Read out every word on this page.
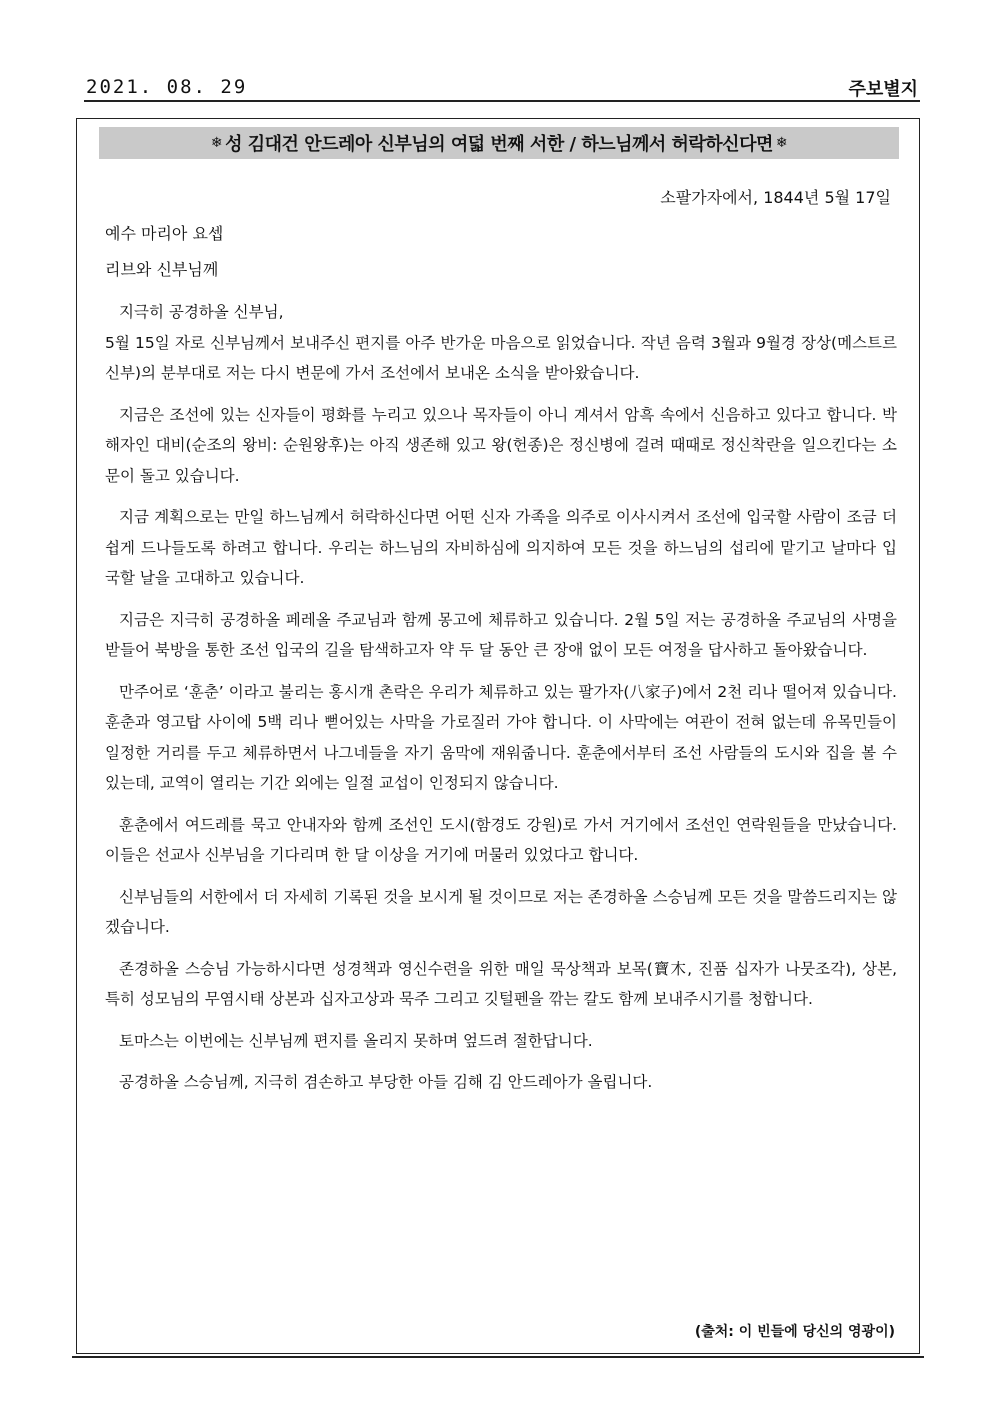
2021. 08. 29	주보별지
❄ 성 김대건 안드레아 신부님의 여덟 번째 서한 / 하느님께서 허락하신다면 ❄
소팔가자에서, 1844년 5월 17일
예수 마리아 요셉
리브와 신부님께

지극히 공경하올 신부님,

5월 15일 자로 신부님께서 보내주신 편지를 아주 반가운 마음으로 읽었습니다. 작년 음력 3월과 9월경 장상(메스트르 신부)의 분부대로 저는 다시 변문에 가서 조선에서 보내온 소식을 받아왔습니다.

지금은 조선에 있는 신자들이 평화를 누리고 있으나 목자들이 아니 계셔서 암흑 속에서 신음하고 있다고 합니다. 박해자인 대비(순조의 왕비: 순원왕후)는 아직 생존해 있고 왕(헌종)은 정신병에 걸려 때때로 정신착란을 일으킨다는 소문이 돌고 있습니다.

지금 계획으로는 만일 하느님께서 허락하신다면 어떤 신자 가족을 의주로 이사시켜서 조선에 입국할 사람이 조금 더 쉽게 드나들도록 하려고 합니다. 우리는 하느님의 자비하심에 의지하여 모든 것을 하느님의 섭리에 맡기고 날마다 입국할 날을 고대하고 있습니다.

지금은 지극히 공경하올 페레올 주교님과 함께 몽고에 체류하고 있습니다. 2월 5일 저는 공경하올 주교님의 사명을 받들어 북방을 통한 조선 입국의 길을 탐색하고자 약 두 달 동안 큰 장애 없이 모든 여정을 답사하고 돌아왔습니다.

만주어로 ‘훈춘’ 이라고 불리는 홍시개 촌락은 우리가 체류하고 있는 팔가자(八家子)에서 2천 리나 떨어져 있습니다. 훈춘과 영고탑 사이에 5백 리나 뻗어있는 사막을 가로질러 가야 합니다. 이 사막에는 여관이 전혀 없는데 유목민들이 일정한 거리를 두고 체류하면서 나그네들을 자기 움막에 재워줍니다. 훈춘에서부터 조선 사람들의 도시와 집을 볼 수 있는데, 교역이 열리는 기간 외에는 일절 교섭이 인정되지 않습니다.

훈춘에서 여드레를 묵고 안내자와 함께 조선인 도시(함경도 강원)로 가서 거기에서 조선인 연락원들을 만났습니다. 이들은 선교사 신부님을 기다리며 한 달 이상을 거기에 머물러 있었다고 합니다.

신부님들의 서한에서 더 자세히 기록된 것을 보시게 될 것이므로 저는 존경하올 스승님께 모든 것을 말씀드리지는 않겠습니다.

존경하올 스승님 가능하시다면 성경책과 영신수련을 위한 매일 묵상책과 보목(寶木, 진품 십자가 나뭇조각), 상본, 특히 성모님의 무염시태 상본과 십자고상과 묵주 그리고 깃털펜을 깎는 칼도 함께 보내주시기를 청합니다.

토마스는 이번에는 신부님께 편지를 올리지 못하며 엎드려 절한답니다.

공경하올 스승님께, 지극히 겸손하고 부당한 아들 김해 김 안드레아가 올립니다.

(출처: 이 빈들에 당신의 영광이)
